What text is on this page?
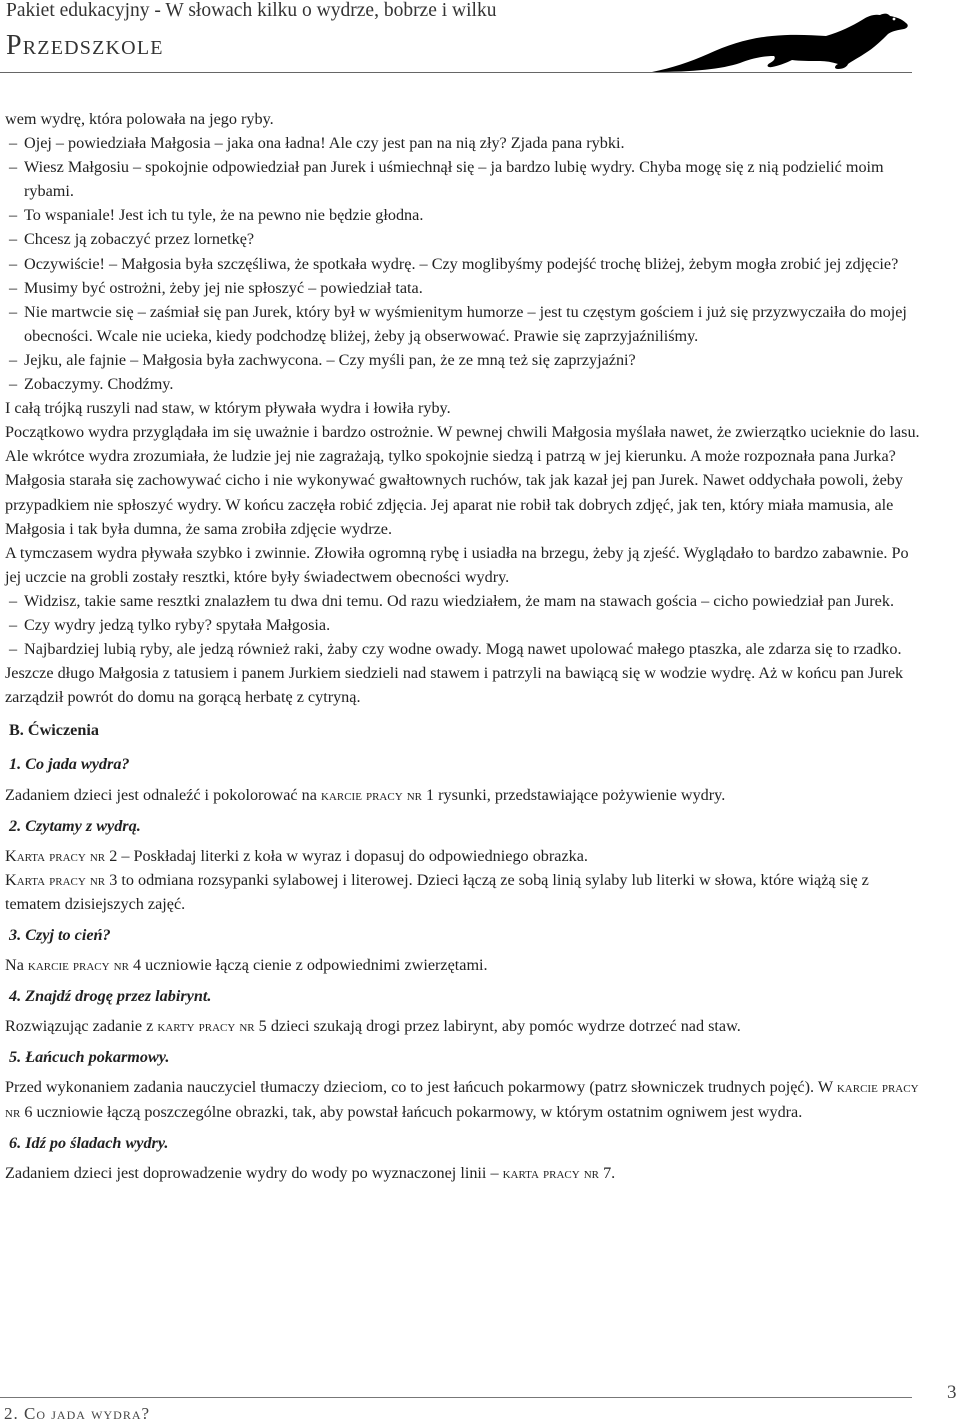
Pakiet edukacyjny - W słowach kilku o wydrze, bobrze i wilku
Przedszkole
wem wydrę, która polowała na jego ryby.
– Ojej – powiedziała Małgosia – jaka ona ładna! Ale czy jest pan na nią zły? Zjada pana rybki.
– Wiesz Małgosiu – spokojnie odpowiedział pan Jurek i uśmiechnął się – ja bardzo lubię wydry. Chyba mogę się z nią podzielić moim rybami.
– To wspaniale! Jest ich tu tyle, że na pewno nie będzie głodna.
– Chcesz ją zobaczyć przez lornetkę?
– Oczywiście! – Małgosia była szczęśliwa, że spotkała wydrę. – Czy moglibyśmy podejść trochę bliżej, żebym mogła zrobić jej zdjęcie?
– Musimy być ostrożni, żeby jej nie spłoszyć – powiedział tata.
– Nie martwcie się – zaśmiał się pan Jurek, który był w wyśmienitym humorze – jest tu częstym gościem i już się przyzwyczaiła do mojej obecności. Wcale nie ucieka, kiedy podchodzę bliżej, żeby ją obserwować. Prawie się zaprzyjaźniliśmy.
– Jejku, ale fajnie – Małgosia była zachwycona. – Czy myśli pan, że ze mną też się zaprzyjaźni?
– Zobaczymy. Chodźmy.
I całą trójką ruszyli nad staw, w którym pływała wydra i łowiła ryby.
Początkowo wydra przyglądała im się uważnie i bardzo ostrożnie. W pewnej chwili Małgosia myślała nawet, że zwierzątko ucieknie do lasu. Ale wkrótce wydra zrozumiała, że ludzie jej nie zagrażają, tylko spokojnie siedzą i patrzą w jej kierunku. A może rozpoznała pana Jurka? Małgosia starała się zachowywać cicho i nie wykonywać gwałtownych ruchów, tak jak kazał jej pan Jurek. Nawet oddychała powoli, żeby przypadkiem nie spłoszyć wydry. W końcu zaczęła robić zdjęcia. Jej aparat nie robił tak dobrych zdjęć, jak ten, który miała mamusia, ale Małgosia i tak była dumna, że sama zrobiła zdjęcie wydrze.
A tymczasem wydra pływała szybko i zwinnie. Złowiła ogromną rybę i usiadła na brzegu, żeby ją zjeść. Wyglądało to bardzo zabawnie. Po jej uczcie na grobli zostały resztki, które były świadectwem obecności wydry.
– Widzisz, takie same resztki znalazłem tu dwa dni temu. Od razu wiedziałem, że mam na stawach gościa – cicho powiedział pan Jurek.
– Czy wydry jedzą tylko ryby? spytała Małgosia.
– Najbardziej lubią ryby, ale jedzą również raki, żaby czy wodne owady. Mogą nawet upolować małego ptaszka, ale zdarza się to rzadko.
Jeszcze długo Małgosia z tatusiem i panem Jurkiem siedzieli nad stawem i patrzyli na bawiącą się w wodzie wydrę. Aż w końcu pan Jurek zarządził powrót do domu na gorącą herbatę z cytryną.
B. Ćwiczenia
1. Co jada wydra?
Zadaniem dzieci jest odnaleźć i pokolorować na karcie pracy nr 1 rysunki, przedstawiające pożywienie wydry.
2. Czytamy z wydrą.
Karta pracy nr 2 – Poskładaj literki z koła w wyraz i dopasuj do odpowiedniego obrazka.
Karta pracy nr 3 to odmiana rozsypanki sylabowej i literowej. Dzieci łączą ze sobą linią sylaby lub literki w słowa, które wiążą się z tematem dzisiejszych zajęć.
3. Czyj to cień?
Na karcie pracy nr 4 uczniowie łączą cienie z odpowiednimi zwierzętami.
4. Znajdź drogę przez labirynt.
Rozwiązując zadanie z karty pracy nr 5 dzieci szukają drogi przez labirynt, aby pomóc wydrze dotrzeć nad staw.
5. Łańcuch pokarmowy.
Przed wykonaniem zadania nauczyciel tłumaczy dzieciom, co to jest łańcuch pokarmowy (patrz słowniczek trudnych pojęć). W karcie pracy nr 6 uczniowie łączą poszczególne obrazki, tak, aby powstał łańcuch pokarmowy, w którym ostatnim ogniwem jest wydra.
6. Idź po śladach wydry.
Zadaniem dzieci jest doprowadzenie wydry do wody po wyznaczonej linii – karta pracy nr 7.
2. Co jada wydra?
3
